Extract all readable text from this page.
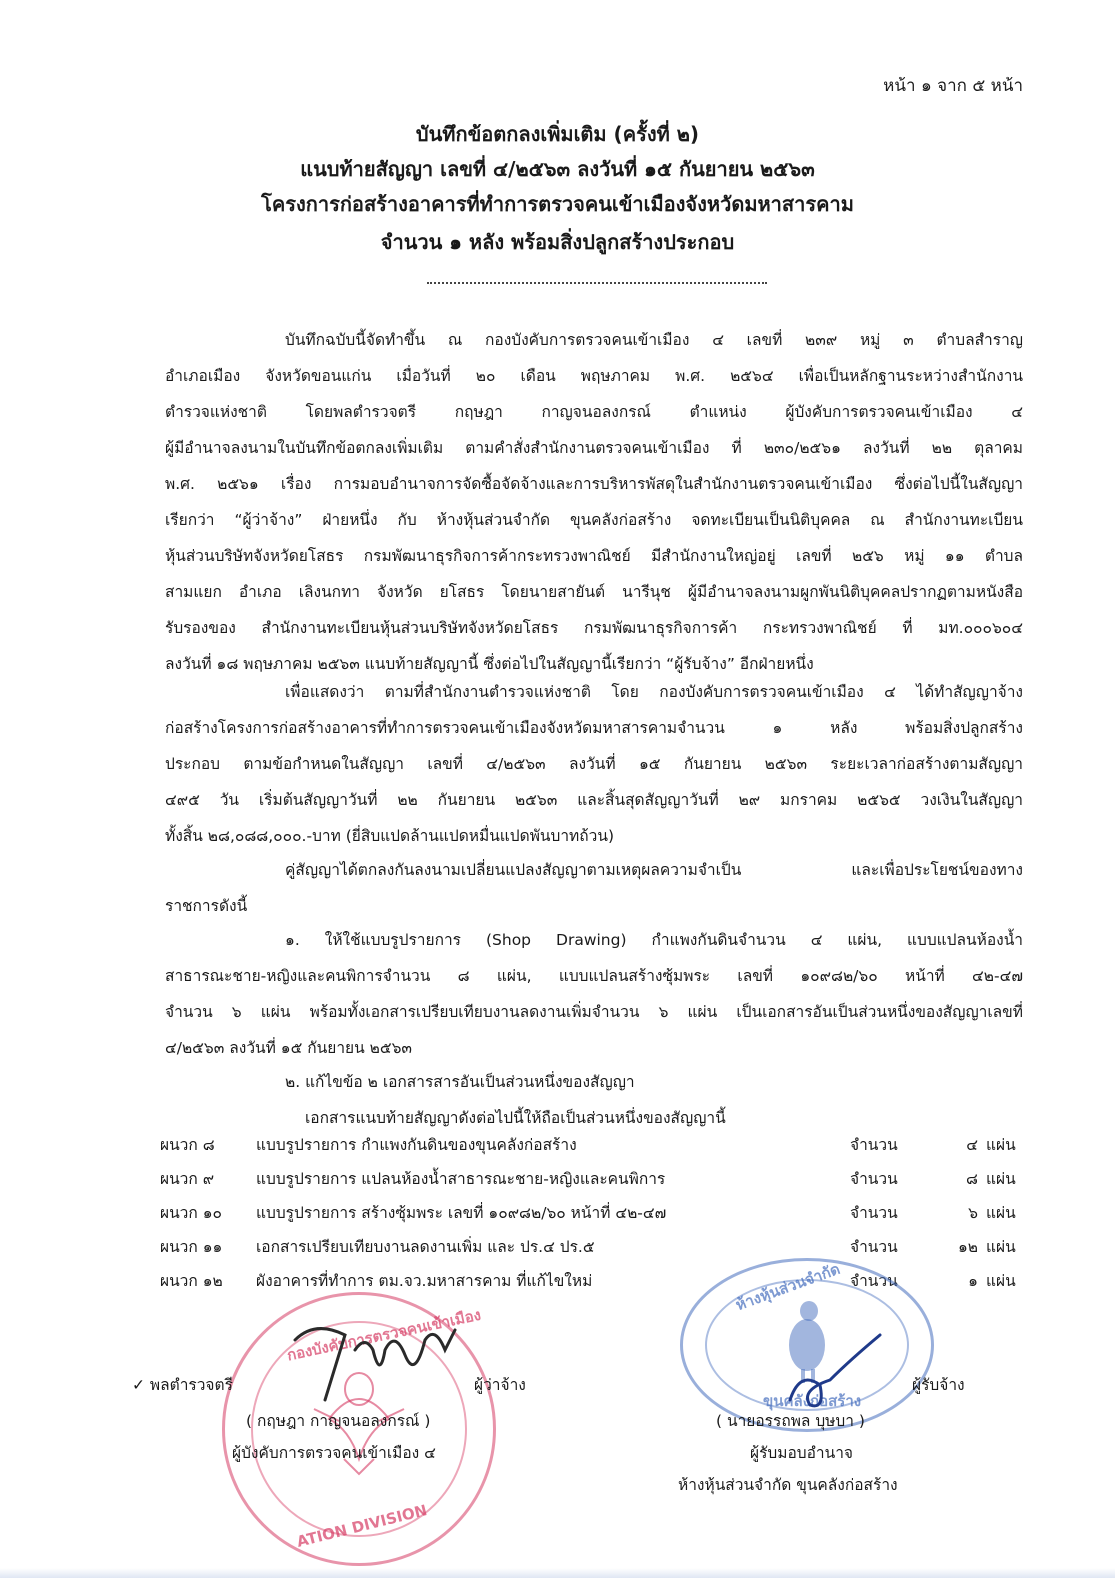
หน้า ๑ จาก ๕ หน้า
บันทึกข้อตกลงเพิ่มเติม (ครั้งที่ ๒)
แนบท้ายสัญญา เลขที่ ๔/๒๕๖๓ ลงวันที่ ๑๕ กันยายน ๒๕๖๓
โครงการก่อสร้างอาคารที่ทำการตรวจคนเข้าเมืองจังหวัดมหาสารคาม
จำนวน ๑ หลัง พร้อมสิ่งปลูกสร้างประกอบ
บันทึกฉบับนี้จัดทำขึ้น ณ กองบังคับการตรวจคนเข้าเมือง ๔ เลขที่ ๒๓๙ หมู่ ๓ ตำบลสำราญ
อำเภอเมือง จังหวัดขอนแก่น เมื่อวันที่ ๒๐ เดือน พฤษภาคม พ.ศ. ๒๕๖๔ เพื่อเป็นหลักฐานระหว่างสำนักงาน
ตำรวจแห่งชาติ โดยพลตำรวจตรี กฤษฎา กาญจนอลงกรณ์ ตำแหน่ง ผู้บังคับการตรวจคนเข้าเมือง ๔
ผู้มีอำนาจลงนามในบันทึกข้อตกลงเพิ่มเติม ตามคำสั่งสำนักงานตรวจคนเข้าเมือง ที่ ๒๓๐/๒๕๖๑ ลงวันที่ ๒๒ ตุลาคม
พ.ศ. ๒๕๖๑ เรื่อง การมอบอำนาจการจัดซื้อจัดจ้างและการบริหารพัสดุในสำนักงานตรวจคนเข้าเมือง ซึ่งต่อไปนี้ในสัญญา
เรียกว่า “ผู้ว่าจ้าง” ฝ่ายหนึ่ง กับ ห้างหุ้นส่วนจำกัด ขุนคลังก่อสร้าง จดทะเบียนเป็นนิติบุคคล ณ สำนักงานทะเบียน
หุ้นส่วนบริษัทจังหวัดยโสธร กรมพัฒนาธุรกิจการค้ากระทรวงพาณิชย์ มีสำนักงานใหญ่อยู่ เลขที่ ๒๕๖ หมู่ ๑๑ ตำบล
สามแยก อำเภอ เลิงนกทา จังหวัด ยโสธร โดยนายสายันต์ นารีนุช ผู้มีอำนาจลงนามผูกพันนิติบุคคลปรากฏตามหนังสือ
รับรองของ สำนักงานทะเบียนหุ้นส่วนบริษัทจังหวัดยโสธร กรมพัฒนาธุรกิจการค้า กระทรวงพาณิชย์ ที่ มท.๐๐๐๖๐๔
ลงวันที่ ๑๘ พฤษภาคม ๒๕๖๓ แนบท้ายสัญญานี้ ซึ่งต่อไปในสัญญานี้เรียกว่า “ผู้รับจ้าง” อีกฝ่ายหนึ่ง
เพื่อแสดงว่า ตามที่สำนักงานตำรวจแห่งชาติ โดย กองบังคับการตรวจคนเข้าเมือง ๔ ได้ทำสัญญาจ้าง
ก่อสร้างโครงการก่อสร้างอาคารที่ทำการตรวจคนเข้าเมืองจังหวัดมหาสารคามจำนวน ๑ หลัง พร้อมสิ่งปลูกสร้าง
ประกอบ ตามข้อกำหนดในสัญญา เลขที่ ๔/๒๕๖๓ ลงวันที่ ๑๕ กันยายน ๒๕๖๓ ระยะเวลาก่อสร้างตามสัญญา
๔๙๕ วัน เริ่มต้นสัญญาวันที่ ๒๒ กันยายน ๒๕๖๓ และสิ้นสุดสัญญาวันที่ ๒๙ มกราคม ๒๕๖๕ วงเงินในสัญญา
ทั้งสิ้น ๒๘,๐๘๘,๐๐๐.-บาท (ยี่สิบแปดล้านแปดหมื่นแปดพันบาทถ้วน)
คู่สัญญาได้ตกลงกันลงนามเปลี่ยนแปลงสัญญาตามเหตุผลความจำเป็น และเพื่อประโยชน์ของทาง
ราชการดังนี้
๑. ให้ใช้แบบรูปรายการ (Shop Drawing) กำแพงกันดินจำนวน ๔ แผ่น, แบบแปลนห้องน้ำ
สาธารณะชาย-หญิงและคนพิการจำนวน ๘ แผ่น, แบบแปลนสร้างซุ้มพระ เลขที่ ๑๐๙๘๒/๖๐ หน้าที่ ๔๒-๔๗
จำนวน ๖ แผ่น พร้อมทั้งเอกสารเปรียบเทียบงานลดงานเพิ่มจำนวน ๖ แผ่น เป็นเอกสารอันเป็นส่วนหนึ่งของสัญญาเลขที่
๔/๒๕๖๓ ลงวันที่ ๑๕ กันยายน ๒๕๖๓
๒. แก้ไขข้อ ๒ เอกสารสารอันเป็นส่วนหนึ่งของสัญญา
เอกสารแนบท้ายสัญญาดังต่อไปนี้ให้ถือเป็นส่วนหนึ่งของสัญญานี้
ผนวก ๘	แบบรูปรายการ กำแพงกันดินของขุนคลังก่อสร้าง	จำนวน	๔ แผ่น
ผนวก ๙	แบบรูปรายการ แปลนห้องน้ำสาธารณะชาย-หญิงและคนพิการ	จำนวน	๘ แผ่น
ผนวก ๑๐ แบบรูปรายการ สร้างซุ้มพระ เลขที่ ๑๐๙๘๒/๖๐ หน้าที่ ๔๒-๔๗	จำนวน	๖ แผ่น
ผนวก ๑๑ เอกสารเปรียบเทียบงานลดงานเพิ่ม และ ปร.๔ ปร.๕	จำนวน	๑๒ แผ่น
ผนวก ๑๒ ผังอาคารที่ทำการ ตม.จว.มหาสารคาม ที่แก้ไขใหม่	จำนวน	๑ แผ่น
กองบังคับการตรวจคนเข้าเมือง
ATION DIVISION
ห้างหุ้นส่วนจำกัด
ขุนคลังก่อสร้าง
✓ พลตำรวจตรี	ผู้ว่าจ้าง
( กฤษฎา กาญจนอลงกรณ์ )
ผู้บังคับการตรวจคนเข้าเมือง ๔
ผู้รับจ้าง
( นายอรรถพล บุษบา )
ผู้รับมอบอำนาจ
ห้างหุ้นส่วนจำกัด ขุนคลังก่อสร้าง
